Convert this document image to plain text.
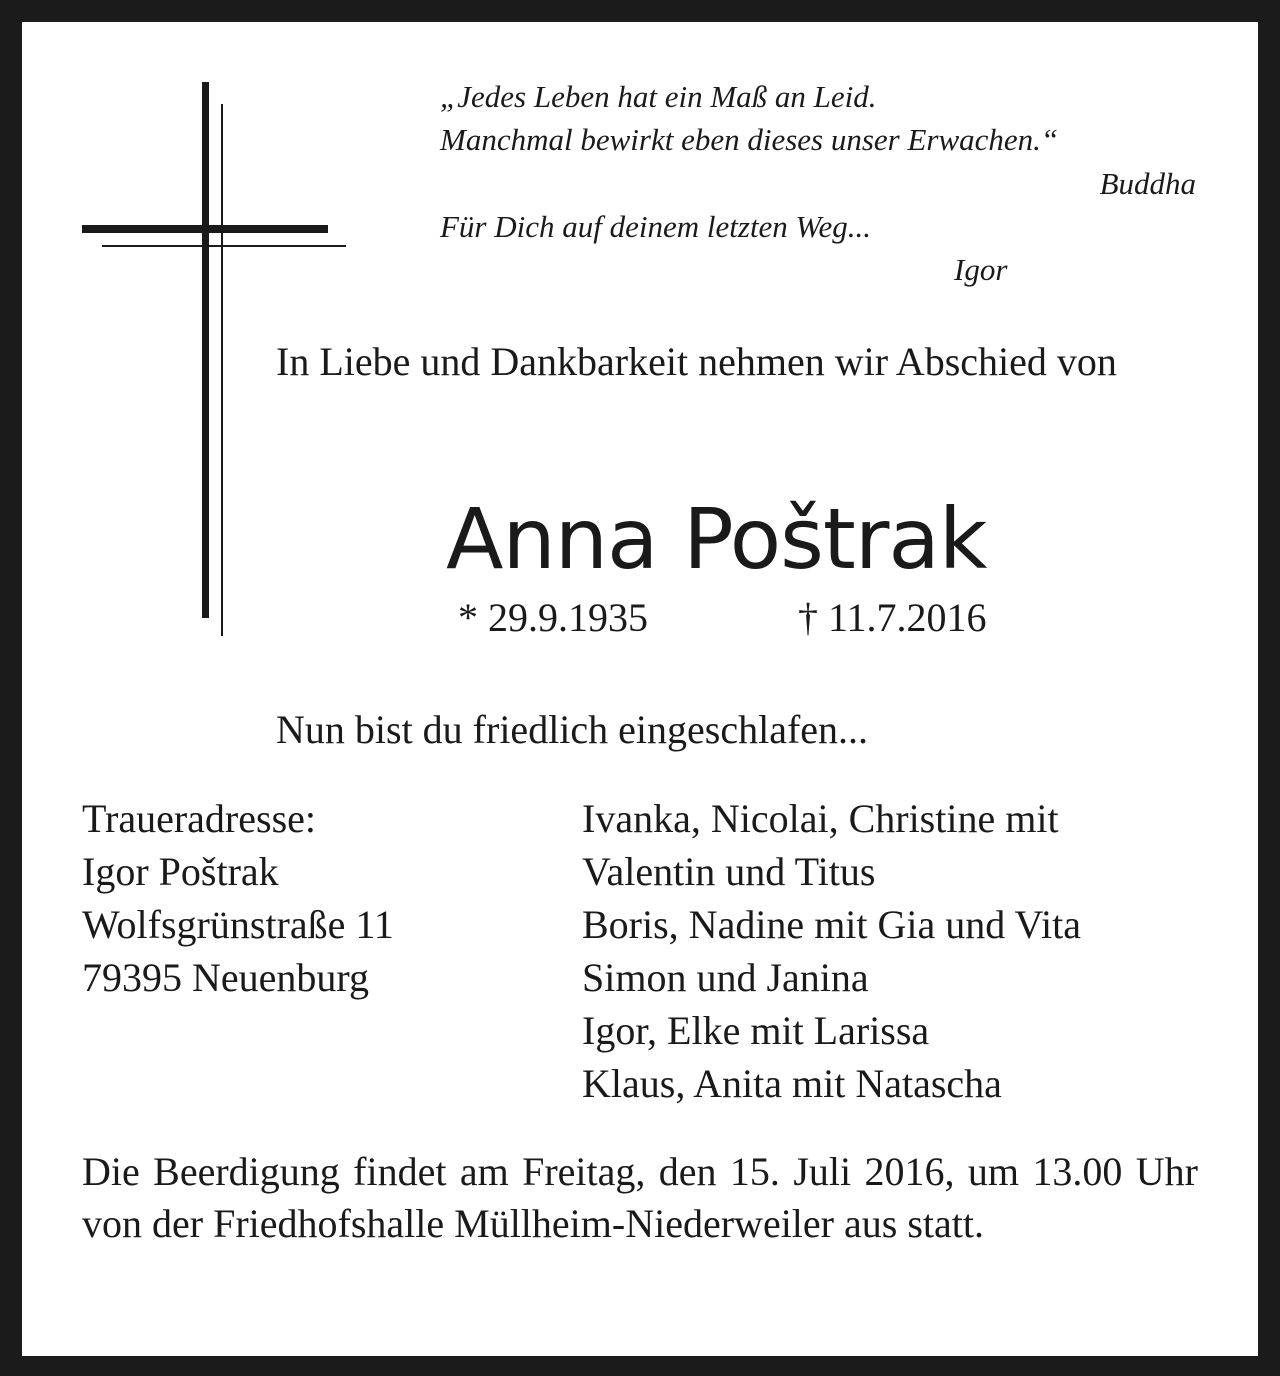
„Jedes Leben hat ein Maß an Leid.

Manchmal bewirkt eben dieses unser Erwachen.“

Buddha

Für Dich auf deinem letzten Weg...

Igor

In Liebe und Dankbarkeit nehmen wir Abschied von

Anna Poštrak

* 29.9.1935	† 11.7.2016

Nun bist du friedlich eingeschlafen...

Traueradresse:
Igor Poštrak
Wolfsgrünstraße 11
79395 Neuenburg
Ivanka, Nicolai, Christine mit
Valentin und Titus
Boris, Nadine mit Gia und Vita
Simon und Janina
Igor, Elke mit Larissa
Klaus, Anita mit Natascha

Die Beerdigung findet am Freitag, den 15. Juli 2016, um 13.00 Uhr von der Friedhofshalle Müllheim-Niederweiler aus statt.
